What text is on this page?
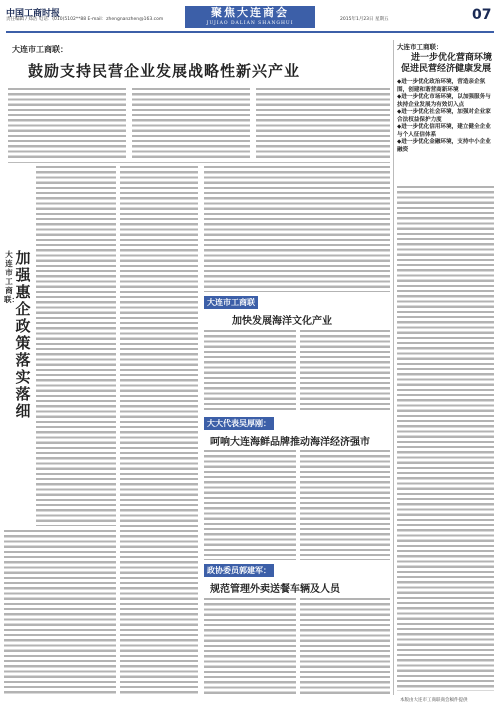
中国工商时报
责任编辑 / 郑浩 电话：(010)5102**88 E-mail：zhengnanzhen@163.com
聚焦大连商会
JUJIAO DALIAN SHANGHUI
2015年1月23日 星期五	07
大连市工商联：
鼓励支持民营企业发展战略性新兴产业
大连市工商联：
进一步优化营商环境
促进民营经济健康发展
◆进一步优化政治环境，营造亲企氛围，创建和谐营商新环境
◆进一步优化市场环境，以加强服务与扶持企业发展为有效切入点
◆进一步优化社会环境，加强对企业家合法权益保护力度
◆进一步优化信用环境，建立健全企业与个人征信体系
◆进一步优化金融环境，支持中小企业融资
大连市工商联：
加强惠企政策落实落细
大连市工商联
加快发展海洋文化产业
大大代表吴厚刚：
呵响大连海鲜品牌推动海洋经济强市
政协委员郭建军：
规范管理外卖送餐车辆及人员
本版由大连市工商联商会稿件提供
